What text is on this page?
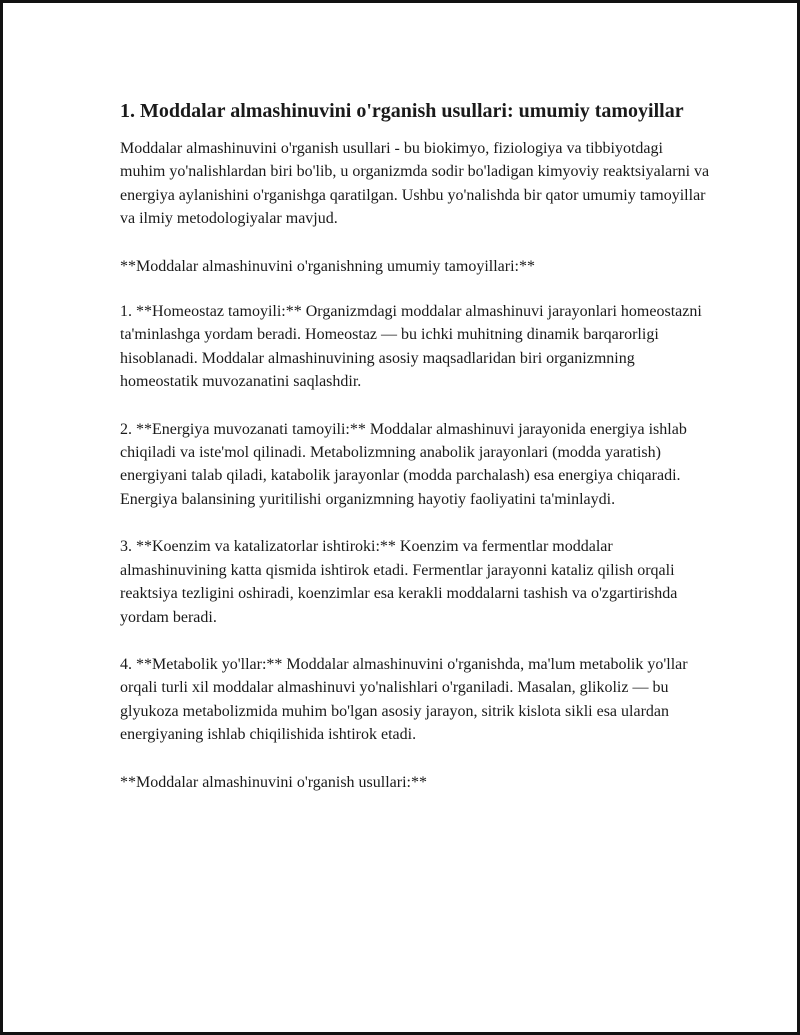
1. Moddalar almashinuvini o'rganish usullari: umumiy tamoyillar

Moddalar almashinuvini o'rganish usullari - bu biokimyo, fiziologiya va tibbiyotdagi muhim yo'nalishlardan biri bo'lib, u organizmda sodir bo'ladigan kimyoviy reaktsiyalarni va energiya aylanishini o'rganishga qaratilgan. Ushbu yo'nalishda bir qator umumiy tamoyillar va ilmiy metodologiyalar mavjud.

**Moddalar almashinuvini o'rganishning umumiy tamoyillari:**

1. **Homeostaz tamoyili:** Organizmdagi moddalar almashinuvi jarayonlari homeostazni ta'minlashga yordam beradi. Homeostaz — bu ichki muhitning dinamik barqarorligi hisoblanadi. Moddalar almashinuvining asosiy maqsadlaridan biri organizmning homeostatik muvozanatini saqlashdir.

2. **Energiya muvozanati tamoyili:** Moddalar almashinuvi jarayonida energiya ishlab chiqiladi va iste'mol qilinadi. Metabolizmning anabolik jarayonlari (modda yaratish) energiyani talab qiladi, katabolik jarayonlar (modda parchalash) esa energiya chiqaradi. Energiya balansining yuritilishi organizmning hayotiy faoliyatini ta'minlaydi.

3. **Koenzim va katalizatorlar ishtiroki:** Koenzim va fermentlar moddalar almashinuvining katta qismida ishtirok etadi. Fermentlar jarayonni kataliz qilish orqali reaktsiya tezligini oshiradi, koenzimlar esa kerakli moddalarni tashish va o'zgartirishda yordam beradi.

4. **Metabolik yo'llar:** Moddalar almashinuvini o'rganishda, ma'lum metabolik yo'llar orqali turli xil moddalar almashinuvi yo'nalishlari o'rganiladi. Masalan, glikoliz — bu glyukoza metabolizmida muhim bo'lgan asosiy jarayon, sitrik kislota sikli esa ulardan energiyaning ishlab chiqilishida ishtirok etadi.

**Moddalar almashinuvini o'rganish usullari:**
